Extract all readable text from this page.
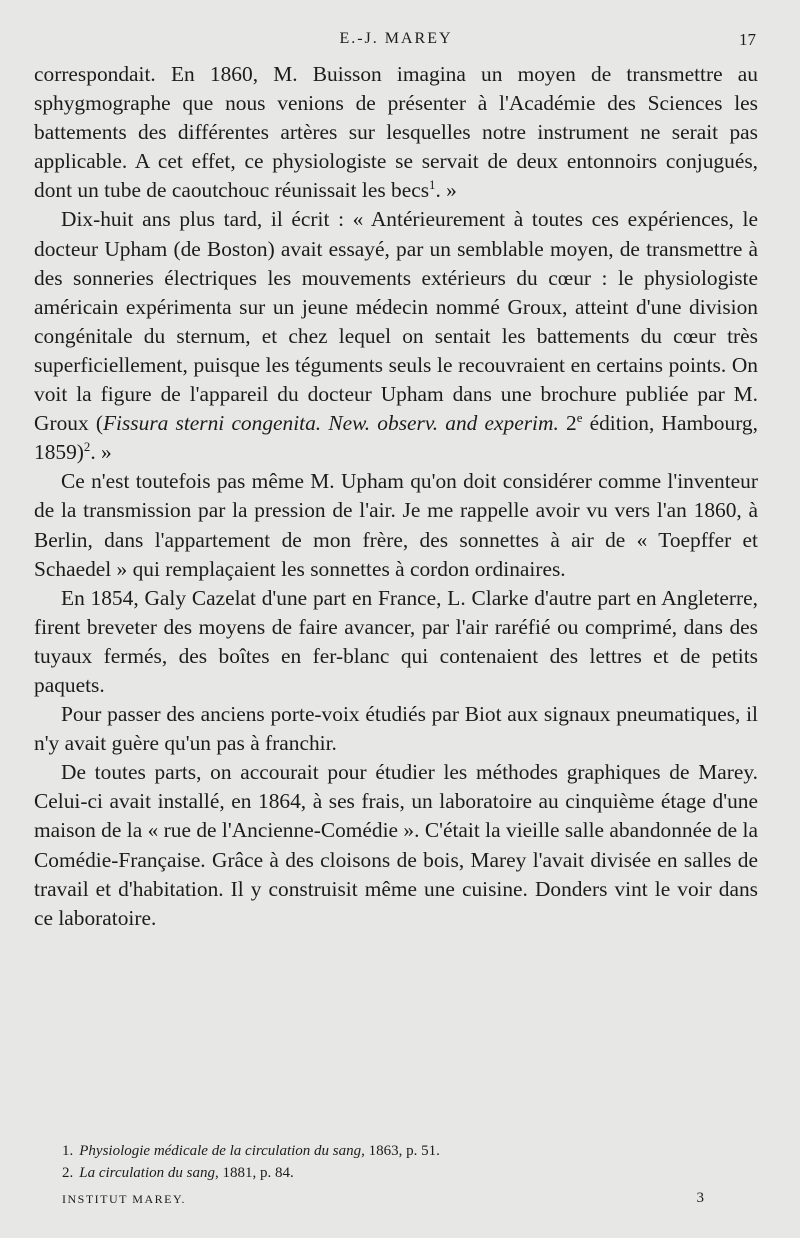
E.-J. MAREY	17

correspondait. En 1860, M. Buisson imagina un moyen de transmettre au sphygmographe que nous venions de présenter à l'Académie des Sciences les battements des différentes artères sur lesquelles notre instrument ne serait pas applicable. A cet effet, ce physiologiste se servait de deux entonnoirs conjugués, dont un tube de caoutchouc réunissait les becs$^1$. »

Dix-huit ans plus tard, il écrit : « Antérieurement à toutes ces expériences, le docteur Upham (de Boston) avait essayé, par un semblable moyen, de transmettre à des sonneries électriques les mouvements extérieurs du cœur : le physiologiste américain expérimenta sur un jeune médecin nommé Groux, atteint d'une division congénitale du sternum, et chez lequel on sentait les battements du cœur très superficiellement, puisque les téguments seuls le recouvraient en certains points. On voit la figure de l'appareil du docteur Upham dans une brochure publiée par M. Groux (Fissura sterni congenita. New. observ. and experim. 2e édition, Hambourg, 1859)$^2$. »

Ce n'est toutefois pas même M. Upham qu'on doit considérer comme l'inventeur de la transmission par la pression de l'air. Je me rappelle avoir vu vers l'an 1860, à Berlin, dans l'appartement de mon frère, des sonnettes à air de « Toepffer et Schaedel » qui remplaçaient les sonnettes à cordon ordinaires.

En 1854, Galy Cazelat d'une part en France, L. Clarke d'autre part en Angleterre, firent breveter des moyens de faire avancer, par l'air raréfié ou comprimé, dans des tuyaux fermés, des boîtes en fer-blanc qui contenaient des lettres et de petits paquets.

Pour passer des anciens porte-voix étudiés par Biot aux signaux pneumatiques, il n'y avait guère qu'un pas à franchir.

De toutes parts, on accourait pour étudier les méthodes graphiques de Marey. Celui-ci avait installé, en 1864, à ses frais, un laboratoire au cinquième étage d'une maison de la « rue de l'Ancienne-Comédie ». C'était la vieille salle abandonnée de la Comédie-Française. Grâce à des cloisons de bois, Marey l'avait divisée en salles de travail et d'habitation. Il y construisit même une cuisine. Donders vint le voir dans ce laboratoire.

1. Physiologie médicale de la circulation du sang, 1863, p. 51.
2. La circulation du sang, 1881, p. 84.
INSTITUT MAREY.	3
